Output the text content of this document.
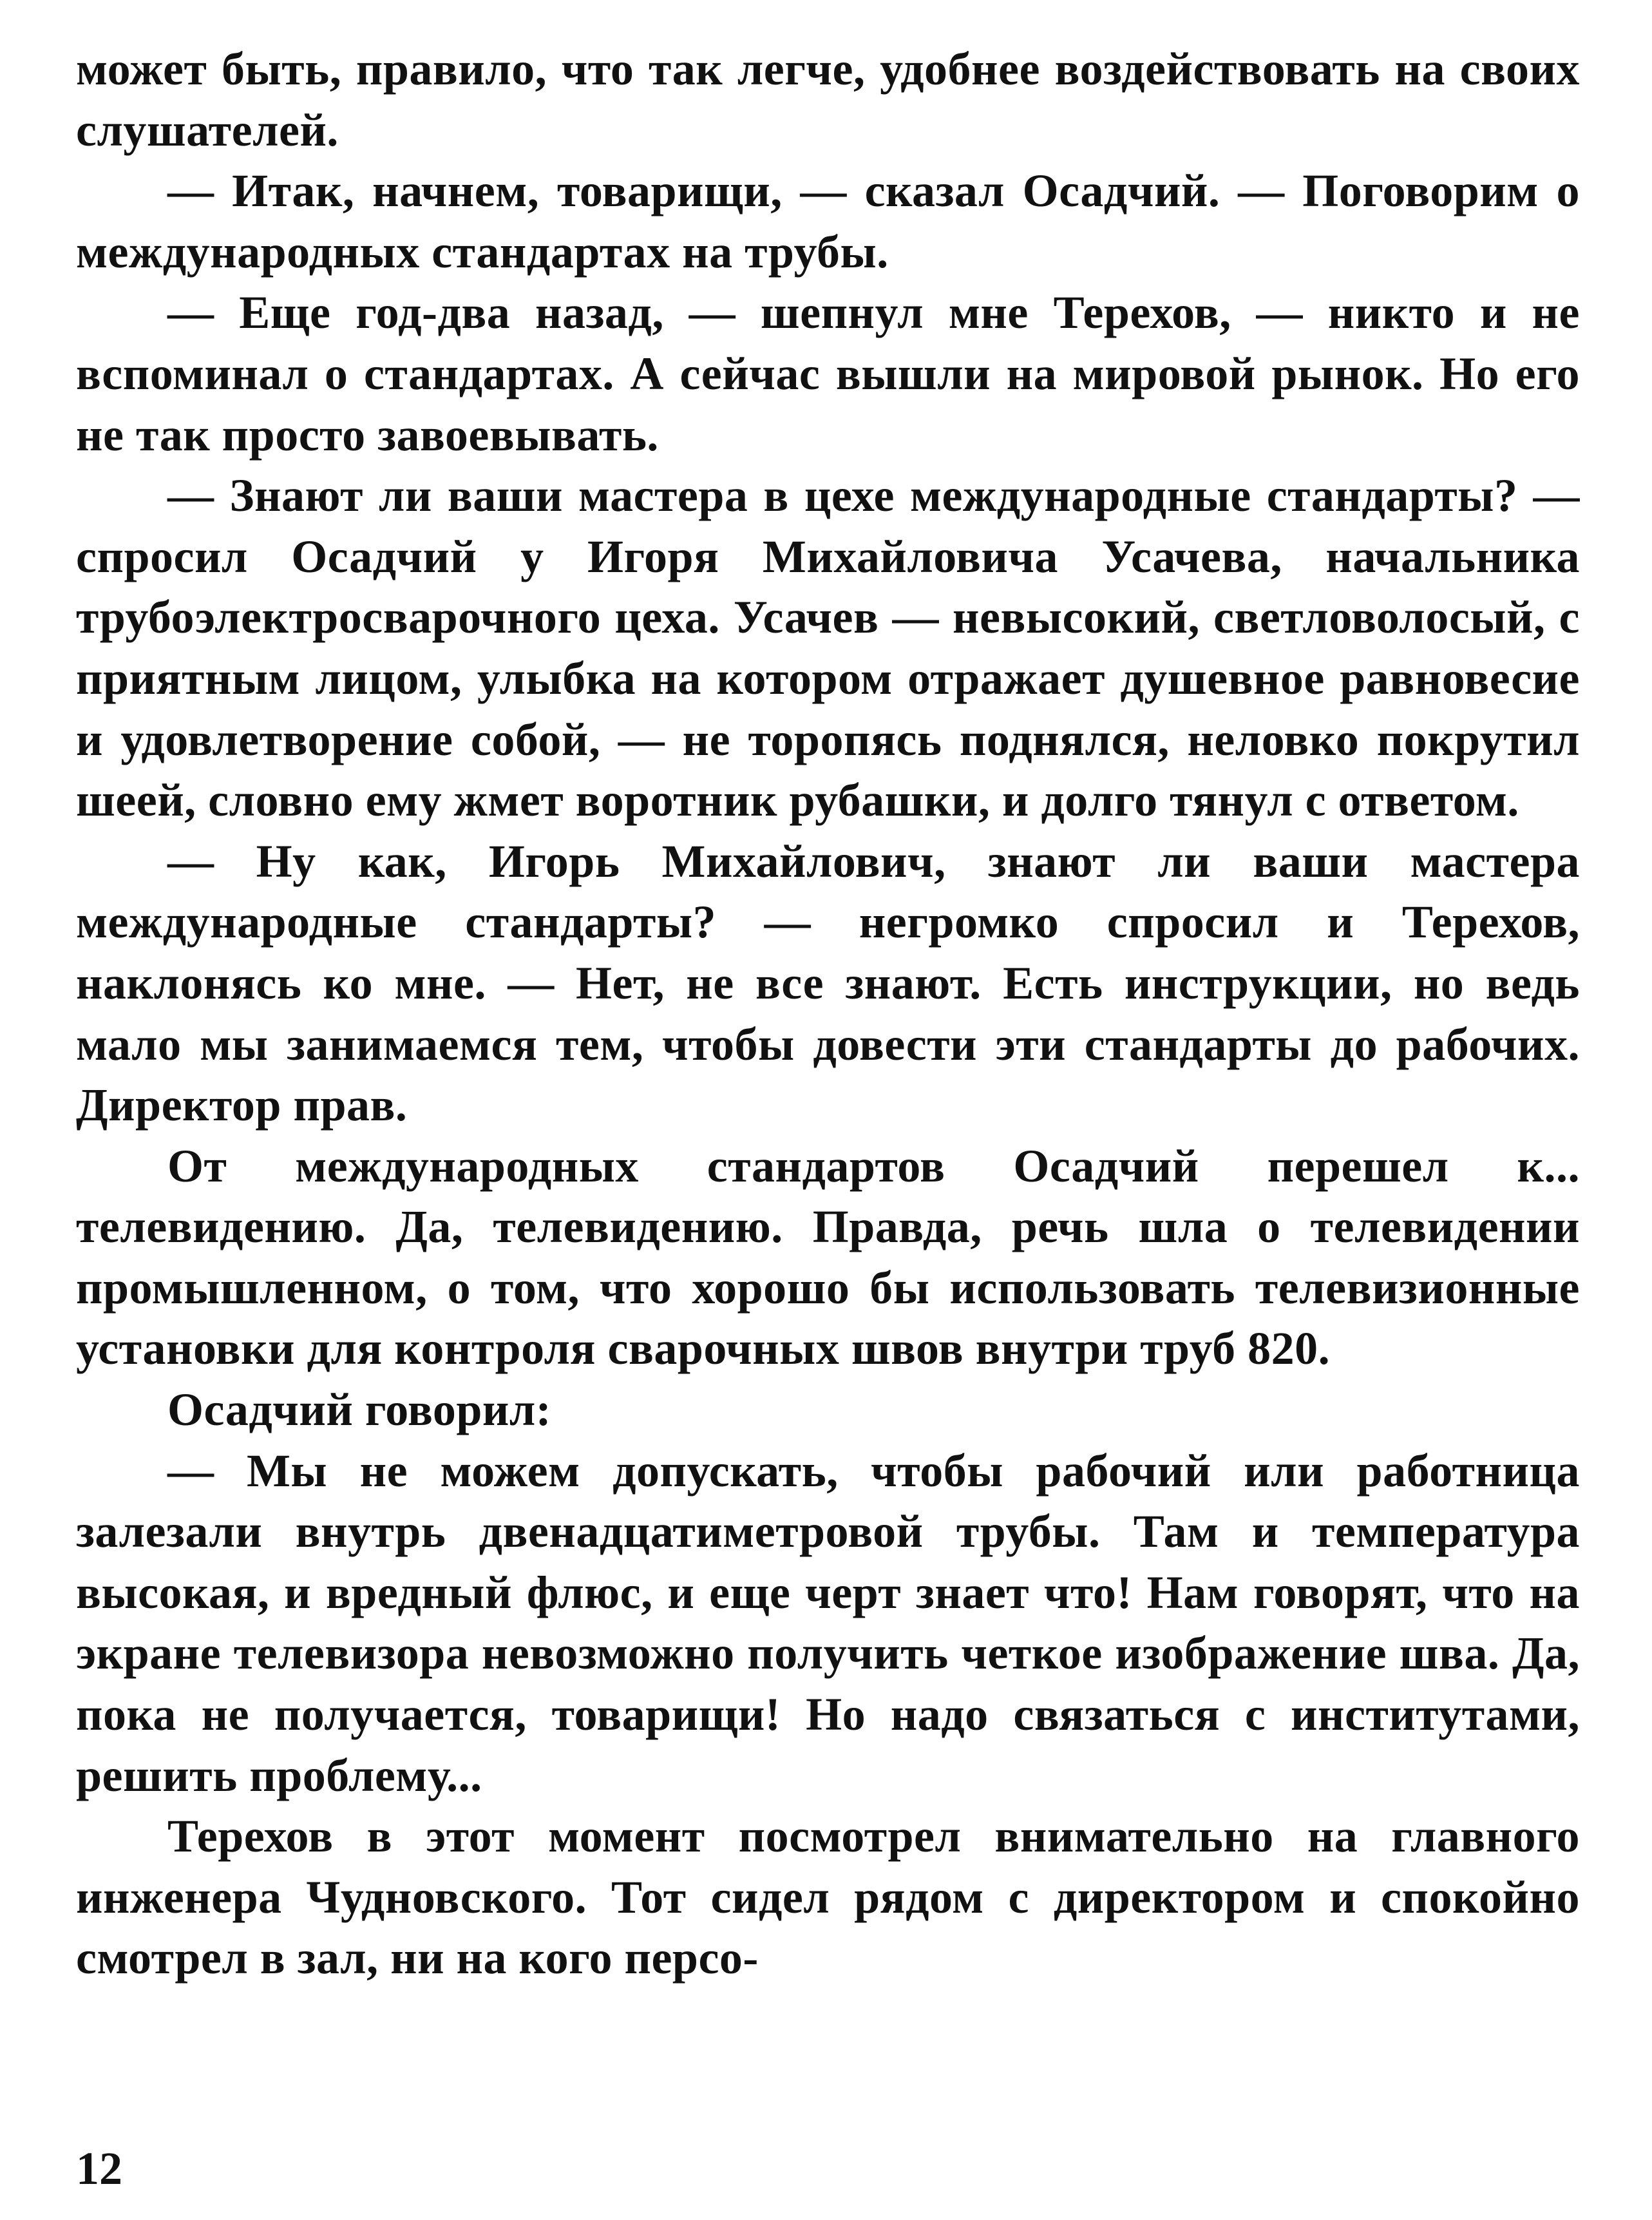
может быть, правило, что так легче, удобнее воздействовать на своих слушателей.

— Итак, начнем, товарищи, — сказал Осадчий. — Поговорим о международных стандартах на трубы.

— Еще год-два назад, — шепнул мне Терехов, — никто и не вспоминал о стандартах. А сейчас вышли на мировой рынок. Но его не так просто завоевывать.

— Знают ли ваши мастера в цехе международные стандарты? — спросил Осадчий у Игоря Михайловича Усачева, начальника трубоэлектросварочного цеха. Усачев — невысокий, светловолосый, с приятным лицом, улыбка на котором отражает душевное равновесие и удовлетворение собой, — не торопясь поднялся, неловко покрутил шеей, словно ему жмет воротник рубашки, и долго тянул с ответом.

— Ну как, Игорь Михайлович, знают ли ваши мастера международные стандарты? — негромко спросил и Терехов, наклонясь ко мне. — Нет, не все знают. Есть инструкции, но ведь мало мы занимаемся тем, чтобы довести эти стандарты до рабочих. Директор прав.

От международных стандартов Осадчий перешел к... телевидению. Да, телевидению. Правда, речь шла о телевидении промышленном, о том, что хорошо бы использовать телевизионные установки для контроля сварочных швов внутри труб 820.

Осадчий говорил:

— Мы не можем допускать, чтобы рабочий или работница залезали внутрь двенадцатиметровой трубы. Там и температура высокая, и вредный флюс, и еще черт знает что! Нам говорят, что на экране телевизора невозможно получить четкое изображение шва. Да, пока не получается, товарищи! Но надо связаться с институтами, решить проблему...

Терехов в этот момент посмотрел внимательно на главного инженера Чудновского. Тот сидел рядом с директором и спокойно смотрел в зал, ни на кого персо-

12
